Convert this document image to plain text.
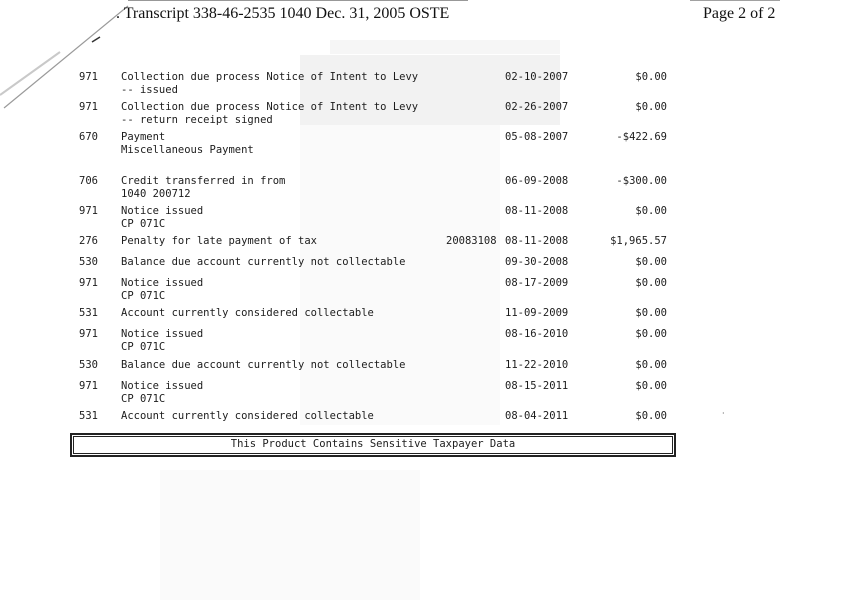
. Transcript 338-46-2535 1040 Dec. 31, 2005 OSTE	Page 2 of 2
971 Collection due process Notice of Intent to Levy
-- issued
02-10-2007	$0.00
971 Collection due process Notice of Intent to Levy
-- return receipt signed
02-26-2007	$0.00
670 Payment
Miscellaneous Payment
05-08-2007	-$422.69
706 Credit transferred in from
1040 200712
06-09-2008	-$300.00
971 Notice issued
CP 071C
08-11-2008	$0.00
276 Penalty for late payment of tax	20083108 08-11-2008	$1,965.57
530 Balance due account currently not collectable	09-30-2008	$0.00
971 Notice issued
CP 071C
08-17-2009	$0.00
531 Account currently considered collectable	11-09-2009	$0.00
971 Notice issued
CP 071C
08-16-2010	$0.00
530 Balance due account currently not collectable	11-22-2010	$0.00
971 Notice issued
CP 071C
08-15-2011	$0.00
531 Account currently considered collectable	08-04-2011	$0.00
This Product Contains Sensitive Taxpayer Data
·
